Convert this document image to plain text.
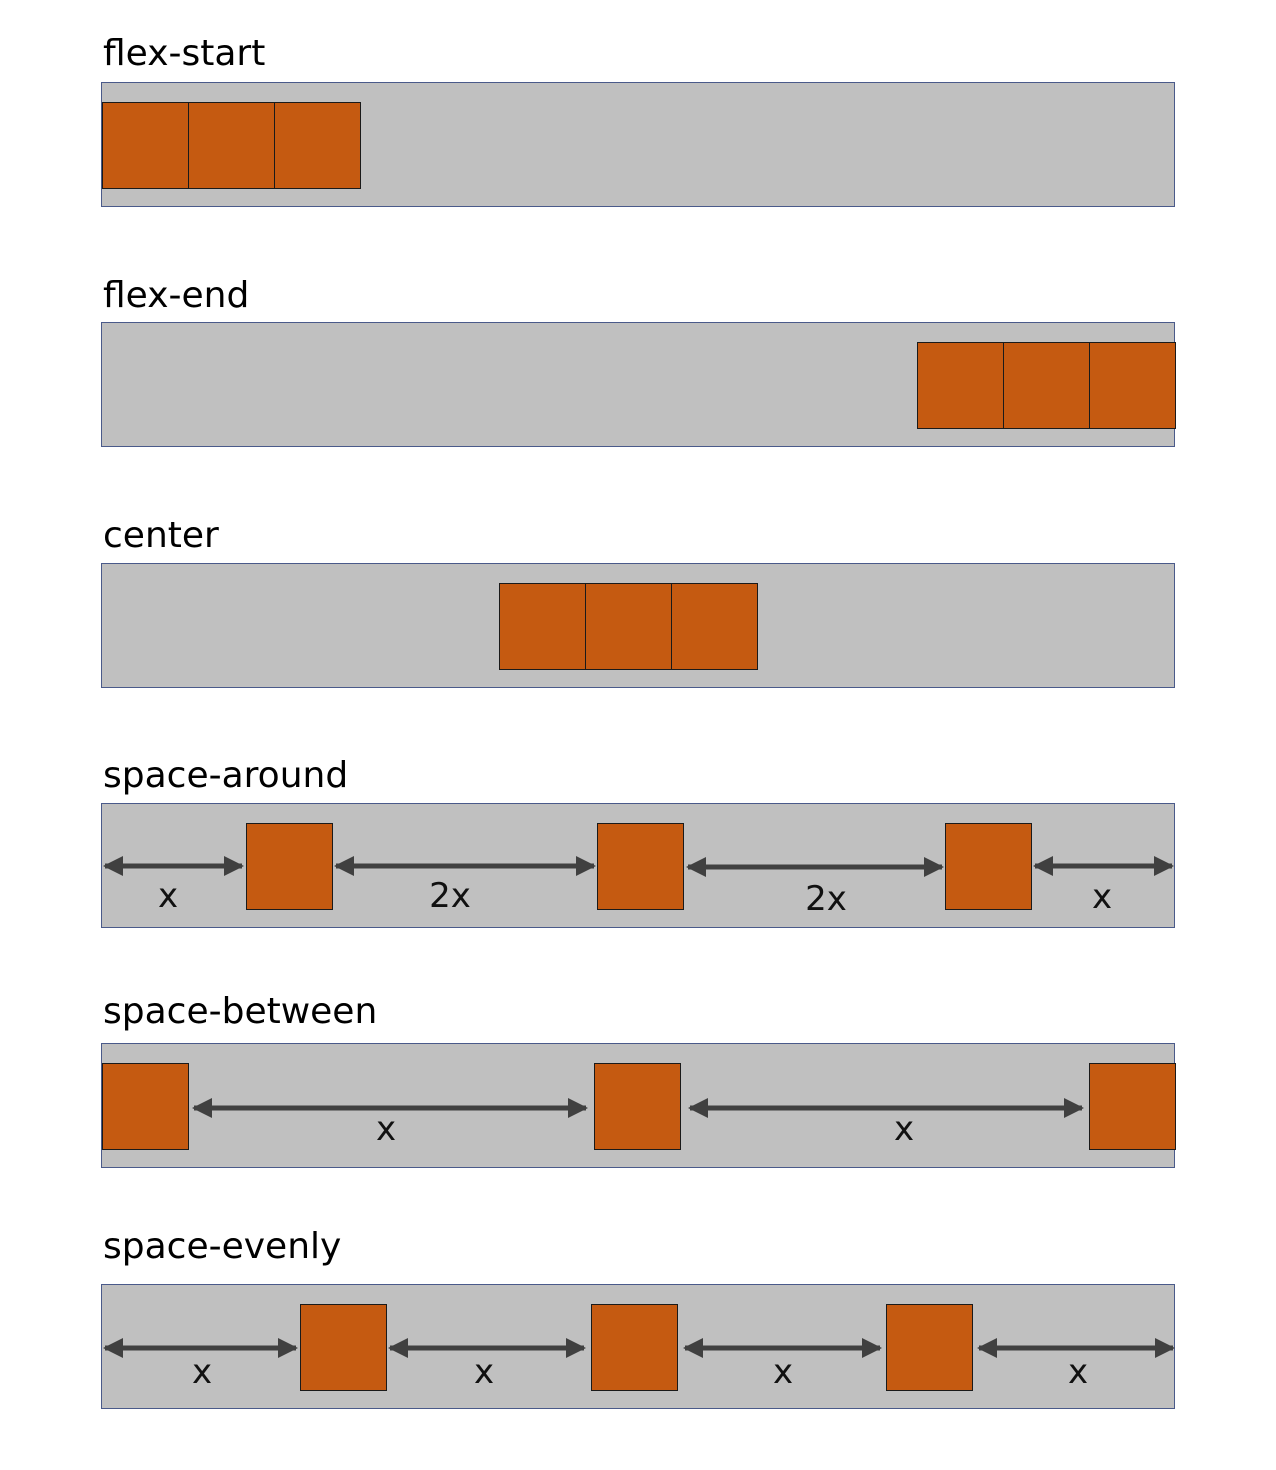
flex-start
flex-end
center
space-around
x	2x	2x	x
space-between
x	x
space-evenly
x	x	x	x
